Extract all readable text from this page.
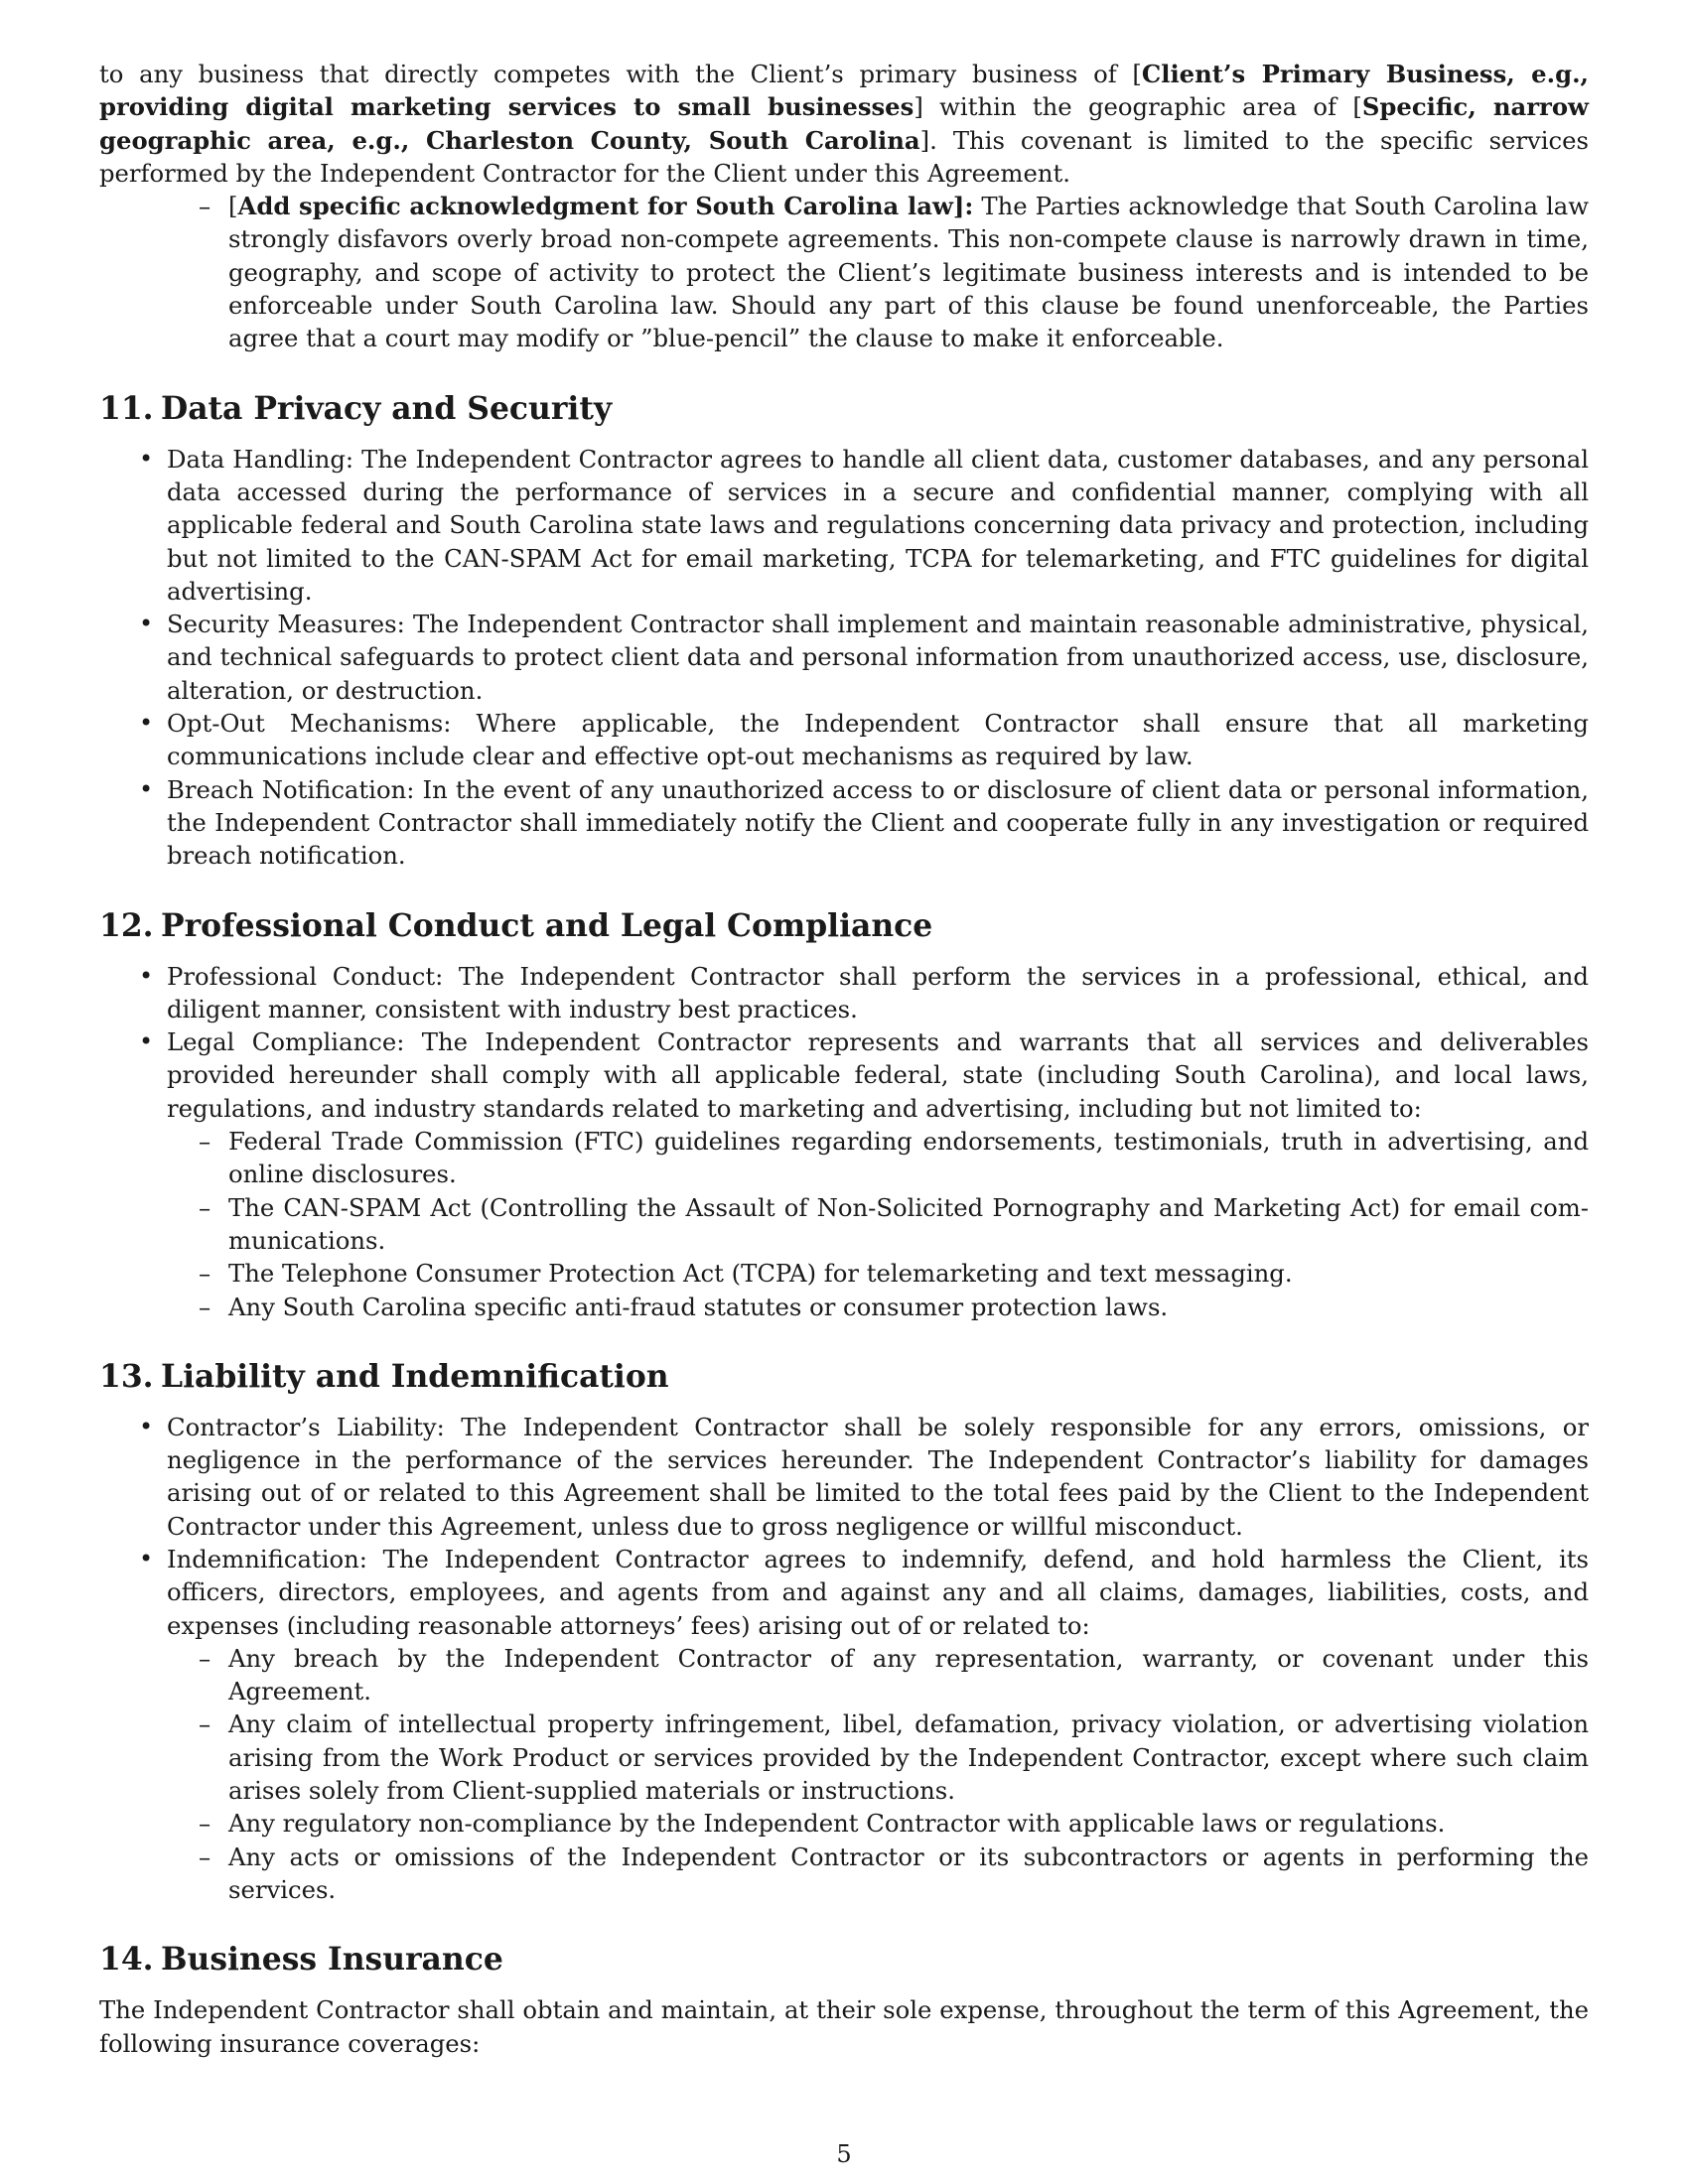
to any business that directly competes with the Client’s primary business of [Client’s Primary Business, e.g., providing digital marketing services to small businesses] within the geographic area of [Specific, narrow geographic area, e.g., Charleston County, South Carolina]. This covenant is limited to the specific services performed by the Independent Contractor for the Client under this Agreement.

– [Add specific acknowledgment for South Carolina law]: The Parties acknowledge that South Carolina law strongly disfavors overly broad non-compete agreements. This non-compete clause is narrowly drawn in time, geography, and scope of activity to protect the Client’s legitimate business interests and is intended to be enforceable under South Carolina law. Should any part of this clause be found unenforceable, the Parties agree that a court may modify or ”blue-pencil” the clause to make it enforceable.

11. Data Privacy and Security
• Data Handling: The Independent Contractor agrees to handle all client data, customer databases, and any personal data accessed during the performance of services in a secure and confidential manner, complying with all applicable federal and South Carolina state laws and regulations concerning data privacy and protection, including but not limited to the CAN-SPAM Act for email marketing, TCPA for telemarketing, and FTC guidelines for digital advertising.

• Security Measures: The Independent Contractor shall implement and maintain reasonable administrative, physical, and technical safeguards to protect client data and personal information from unauthorized access, use, disclosure, alteration, or destruction.

• Opt-Out Mechanisms: Where applicable, the Independent Contractor shall ensure that all marketing communications include clear and effective opt-out mechanisms as required by law.

• Breach Notification: In the event of any unauthorized access to or disclosure of client data or personal information, the Independent Contractor shall immediately notify the Client and cooperate fully in any investigation or required breach notification.

12. Professional Conduct and Legal Compliance
• Professional Conduct: The Independent Contractor shall perform the services in a professional, ethical, and diligent manner, consistent with industry best practices.

• Legal Compliance: The Independent Contractor represents and warrants that all services and deliverables provided hereunder shall comply with all applicable federal, state (including South Carolina), and local laws, regulations, and industry standards related to marketing and advertising, including but not limited to:

– Federal Trade Commission (FTC) guidelines regarding endorsements, testimonials, truth in advertising, and online disclosures.

– The CAN-SPAM Act (Controlling the Assault of Non-Solicited Pornography and Marketing Act) for email communications.

– The Telephone Consumer Protection Act (TCPA) for telemarketing and text messaging.

– Any South Carolina specific anti-fraud statutes or consumer protection laws.

13. Liability and Indemnification
• Contractor’s Liability: The Independent Contractor shall be solely responsible for any errors, omissions, or negligence in the performance of the services hereunder. The Independent Contractor’s liability for damages arising out of or related to this Agreement shall be limited to the total fees paid by the Client to the Independent Contractor under this Agreement, unless due to gross negligence or willful misconduct.

• Indemnification: The Independent Contractor agrees to indemnify, defend, and hold harmless the Client, its officers, directors, employees, and agents from and against any and all claims, damages, liabilities, costs, and expenses (including reasonable attorneys’ fees) arising out of or related to:

– Any breach by the Independent Contractor of any representation, warranty, or covenant under this Agreement.

– Any claim of intellectual property infringement, libel, defamation, privacy violation, or advertising violation arising from the Work Product or services provided by the Independent Contractor, except where such claim arises solely from Client-supplied materials or instructions.

– Any regulatory non-compliance by the Independent Contractor with applicable laws or regulations.

– Any acts or omissions of the Independent Contractor or its subcontractors or agents in performing the services.

14. Business Insurance

The Independent Contractor shall obtain and maintain, at their sole expense, throughout the term of this Agreement, the following insurance coverages:

5
